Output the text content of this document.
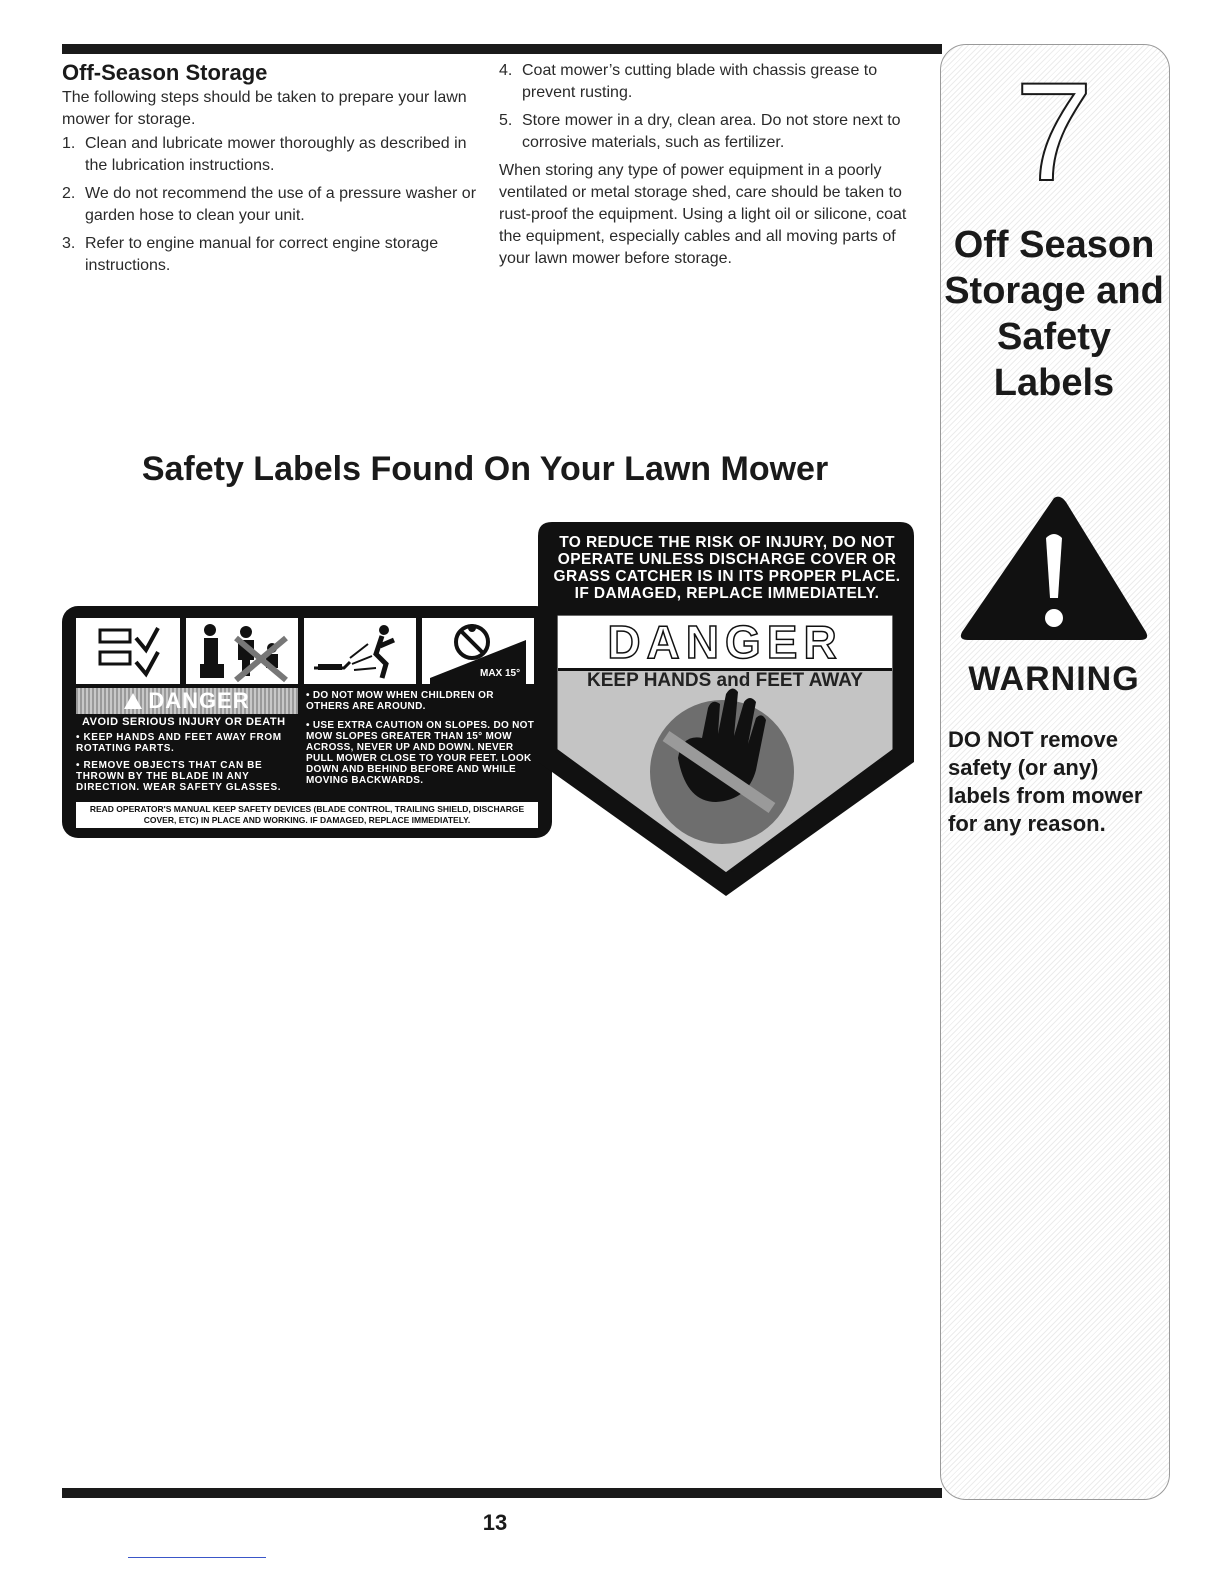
Off-Season Storage
The following steps should be taken to prepare your lawn mower for storage.
1. Clean and lubricate mower thoroughly as described in the lubrication instructions.
2. We do not recommend the use of a pressure washer or garden hose to clean your unit.
3. Refer to engine manual for correct engine storage instructions.
4. Coat mower’s cutting blade with chassis grease to prevent rusting.
5. Store mower in a dry, clean area. Do not store next to corrosive materials, such as fertilizer.
When storing any type of power equipment in a poorly ventilated or metal storage shed, care should be taken to rust-proof the equipment. Using a light oil or silicone, coat the equipment, especially cables and all moving parts of your lawn mower before storage.
Safety Labels Found On Your Lawn Mower
MAX 15°
DANGER
AVOID SERIOUS INJURY OR DEATH
• KEEP HANDS AND FEET AWAY FROM ROTATING PARTS.
• REMOVE OBJECTS THAT CAN BE THROWN BY THE BLADE IN ANY DIRECTION. WEAR SAFETY GLASSES.
• DO NOT MOW WHEN CHILDREN OR OTHERS ARE AROUND.
• USE EXTRA CAUTION ON SLOPES. DO NOT MOW SLOPES GREATER THAN 15° MOW ACROSS, NEVER UP AND DOWN. NEVER PULL MOWER CLOSE TO YOUR FEET. LOOK DOWN AND BEHIND BEFORE AND WHILE MOVING BACKWARDS.
READ OPERATOR'S MANUAL KEEP SAFETY DEVICES (BLADE CONTROL, TRAILING SHIELD, DISCHARGE COVER, ETC) IN PLACE AND WORKING. IF DAMAGED, REPLACE IMMEDIATELY.
TO REDUCE THE RISK OF INJURY, DO NOT OPERATE UNLESS DISCHARGE COVER OR GRASS CATCHER IS IN ITS PROPER PLACE. IF DAMAGED, REPLACE IMMEDIATELY.
DANGER
KEEP HANDS and FEET AWAY
S32102 CD
7
Off Season Storage and Safety Labels
WARNING
DO NOT remove safety (or any) labels from mower for any reason.
13
